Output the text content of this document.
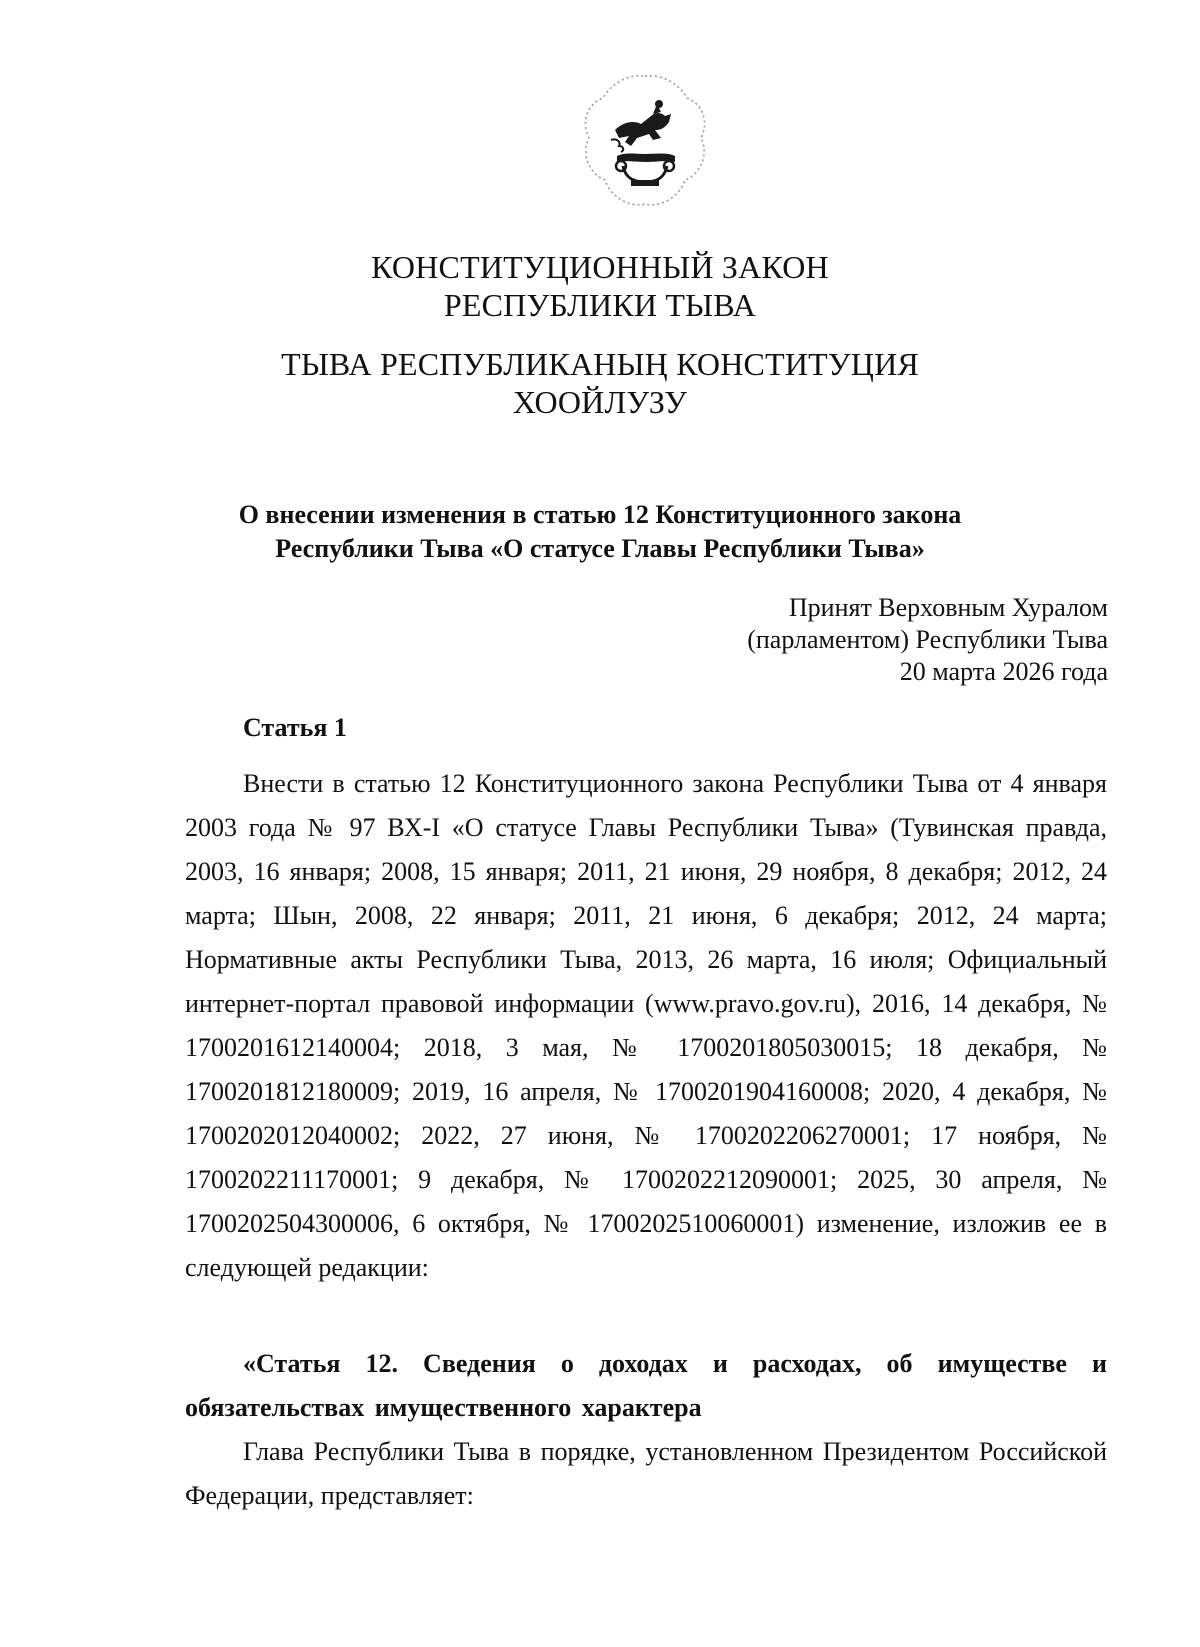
КОНСТИТУЦИОННЫЙ ЗАКОН
РЕСПУБЛИКИ ТЫВА
ТЫВА РЕСПУБЛИКАНЫҢ КОНСТИТУЦИЯ
ХООЙЛУЗУ
О внесении изменения в статью 12 Конституционного закона
Республики Тыва «О статусе Главы Республики Тыва»
Принят Верховным Хуралом
(парламентом) Республики Тыва
20 марта 2026 года
Статья 1

Внести в статью 12 Конституционного закона Республики Тыва от 4 января 2003 года № 97 ВХ-I «О статусе Главы Республики Тыва» (Тувинская правда, 2003, 16 января; 2008, 15 января; 2011, 21 июня, 29 ноября, 8 декабря; 2012, 24 марта; Шын, 2008, 22 января; 2011, 21 июня, 6 декабря; 2012, 24 марта; Нормативные акты Республики Тыва, 2013, 26 марта, 16 июля; Официальный интернет-портал правовой информации (www.pravo.gov.ru), 2016, 14 декабря, № 1700201612140004; 2018, 3 мая, № 1700201805030015; 18 декабря, № 1700201812180009; 2019, 16 апреля, № 1700201904160008; 2020, 4 декабря, № 1700202012040002; 2022, 27 июня, № 1700202206270001; 17 ноября, № 1700202211170001; 9 декабря, № 1700202212090001; 2025, 30 апреля, № 1700202504300006, 6 октября, № 1700202510060001) изменение, изложив ее в следующей редакции:

«Статья 12. Сведения о доходах и расходах, об имуществе и обязательствах имущественного характера

Глава Республики Тыва в порядке, установленном Президентом Российской Федерации, представляет:
